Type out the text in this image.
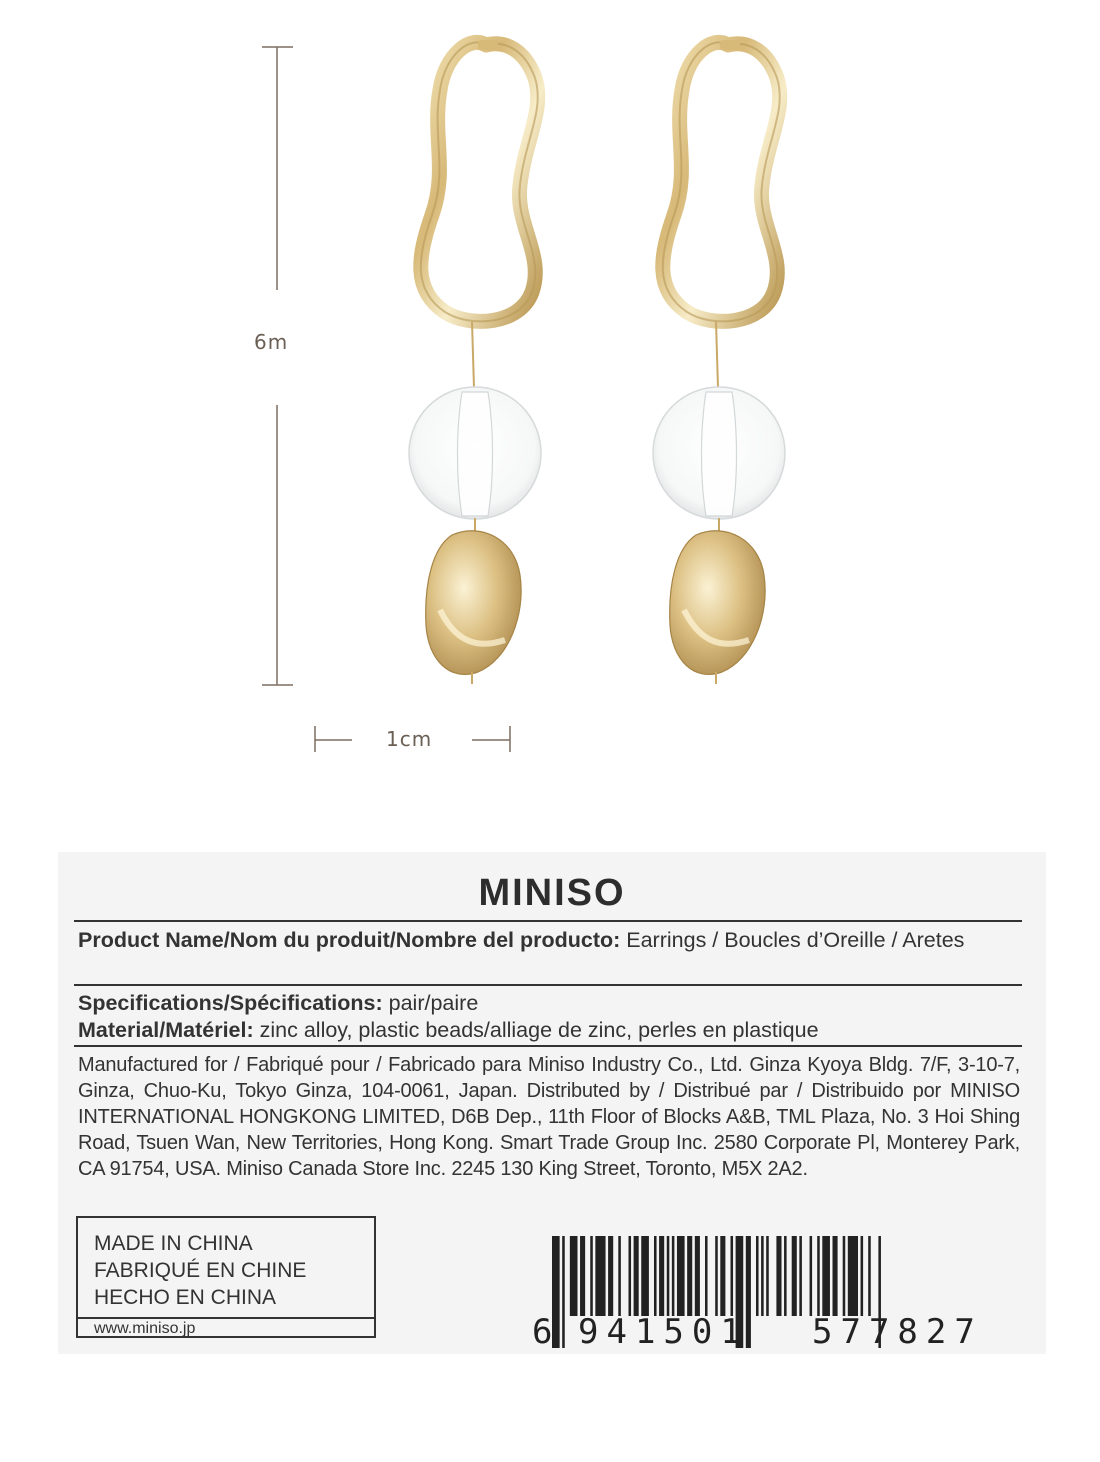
6m
1cm
MINISO
Product Name/Nom du produit/Nombre del producto: Earrings / Boucles d’Oreille / Aretes
Specifications/Spécifications: pair/paire
Material/Matériel: zinc alloy, plastic beads/alliage de zinc, perles en plastique
Manufactured for / Fabriqué pour / Fabricado para Miniso Industry Co., Ltd. Ginza Kyoya Bldg. 7/F, 3-10-7, Ginza, Chuo-Ku, Tokyo Ginza, 104-0061, Japan. Distributed by / Distribué par / Distribuido por MINISO INTERNATIONAL HONGKONG LIMITED, D6B Dep., 11th Floor of Blocks A&B, TML Plaza, No. 3 Hoi Shing Road, Tsuen Wan, New Territories, Hong Kong. Smart Trade Group Inc. 2580 Corporate Pl, Monterey Park, CA 91754, USA. Miniso Canada Store Inc. 2245 130 King Street, Toronto, M5X 2A2.
MADE IN CHINA
FABRIQUÉ EN CHINE
HECHO EN CHINA
www.miniso.jp	6 941501 577827
